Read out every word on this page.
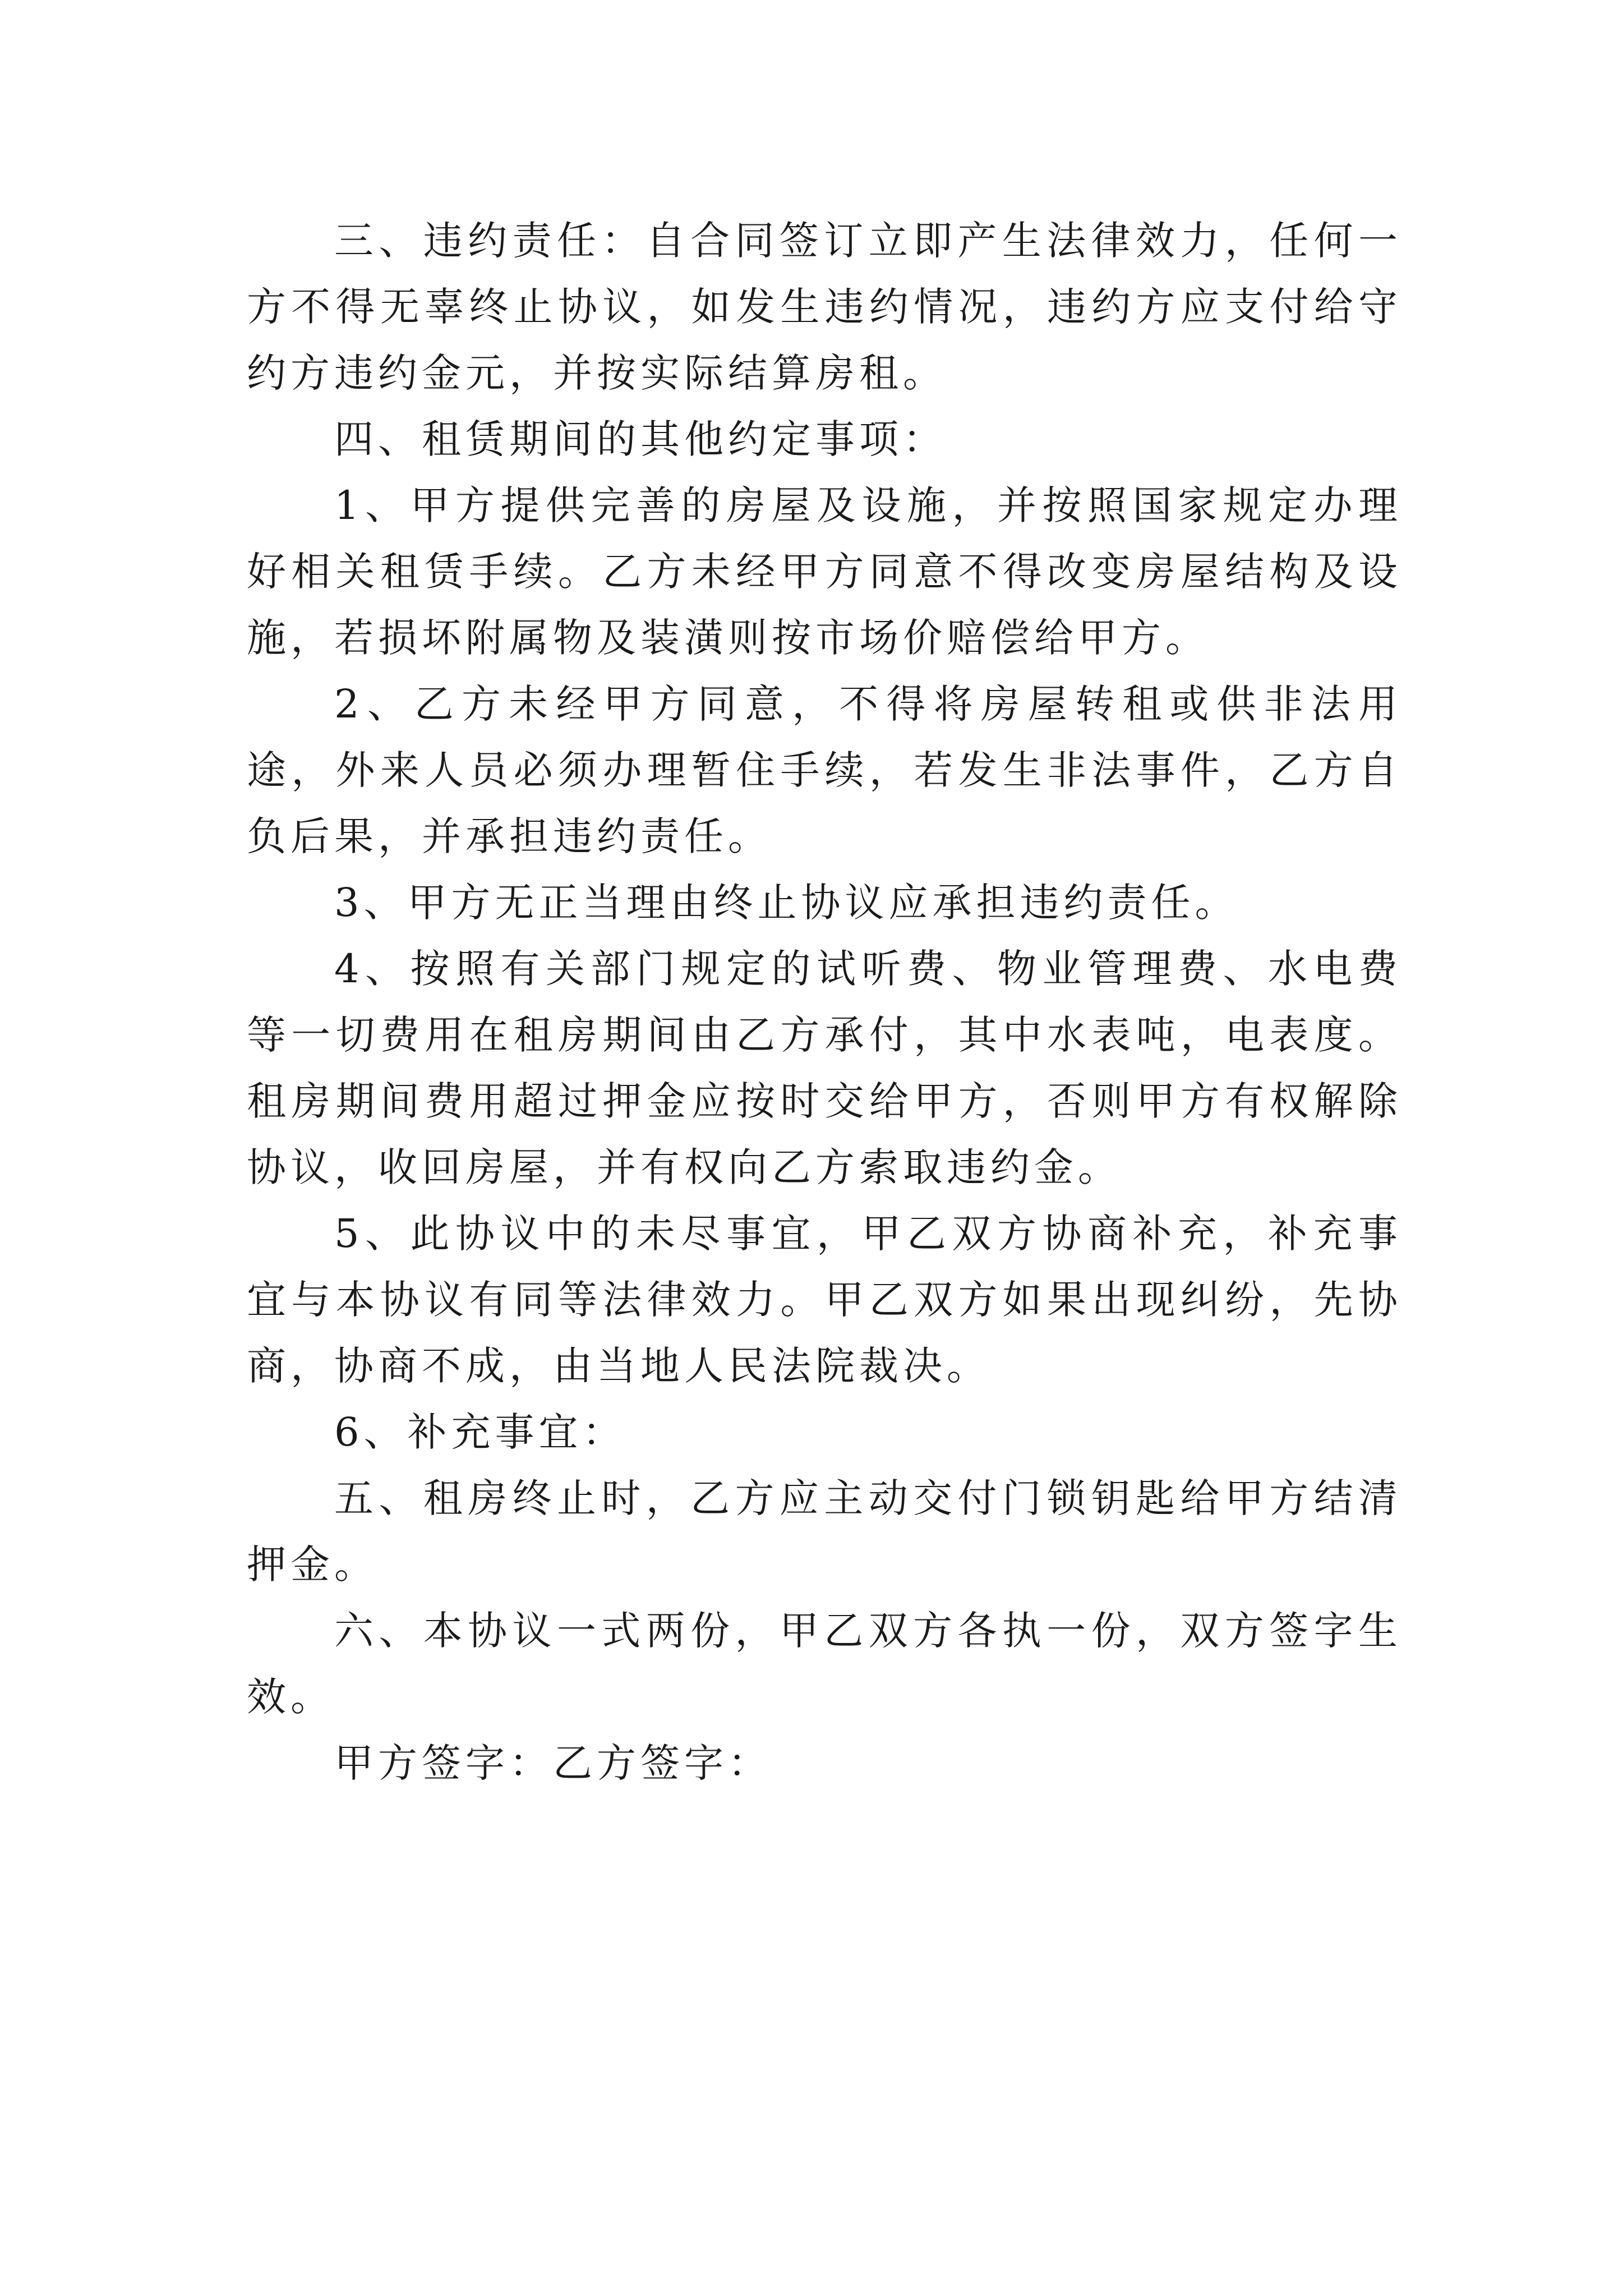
三、违约责任：自合同签订立即产生法律效力，任何一方不得无辜终止协议，如发生违约情况，违约方应支付给守约方违约金元，并按实际结算房租。

四、租赁期间的其他约定事项：

1、甲方提供完善的房屋及设施，并按照国家规定办理好相关租赁手续。乙方未经甲方同意不得改变房屋结构及设施，若损坏附属物及装潢则按市场价赔偿给甲方。

2、乙方未经甲方同意，不得将房屋转租或供非法用途，外来人员必须办理暂住手续，若发生非法事件，乙方自负后果，并承担违约责任。

3、甲方无正当理由终止协议应承担违约责任。

4、按照有关部门规定的试听费、物业管理费、水电费等一切费用在租房期间由乙方承付，其中水表吨，电表度。租房期间费用超过押金应按时交给甲方，否则甲方有权解除协议，收回房屋，并有权向乙方索取违约金。

5、此协议中的未尽事宜，甲乙双方协商补充，补充事宜与本协议有同等法律效力。甲乙双方如果出现纠纷，先协商，协商不成，由当地人民法院裁决。

6、补充事宜：

五、租房终止时，乙方应主动交付门锁钥匙给甲方结清押金。

六、本协议一式两份，甲乙双方各执一份，双方签字生效。

甲方签字：乙方签字：
